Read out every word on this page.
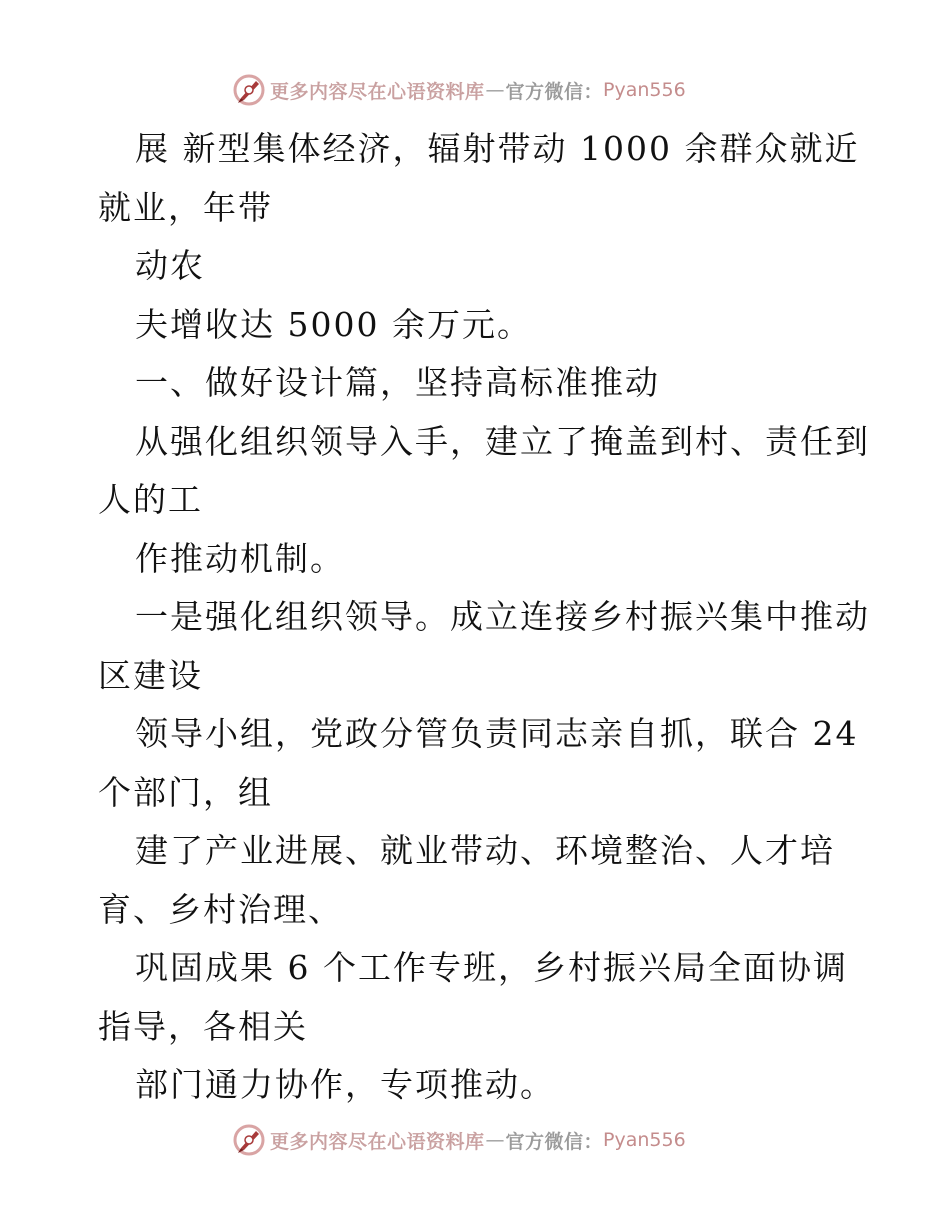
更多内容尽在心语资料库 — 官方微信： Pyan556
展 新型集体经济，辐射带动 1000 余群众就近
就业，年带
动农
夫增收达 5000 余万元。
一、做好设计篇，坚持高标准推动
从强化组织领导入手，建立了掩盖到村、责任到
人的工
作推动机制。
一是强化组织领导。成立连接乡村振兴集中推动
区建设
领导小组，党政分管负责同志亲自抓，联合 24
个部门，组
建了产业进展、就业带动、环境整治、人才培
育、乡村治理、
巩固成果 6 个工作专班，乡村振兴局全面协调
指导，各相关
部门通力协作，专项推动。
更多内容尽在心语资料库 — 官方微信： Pyan556
